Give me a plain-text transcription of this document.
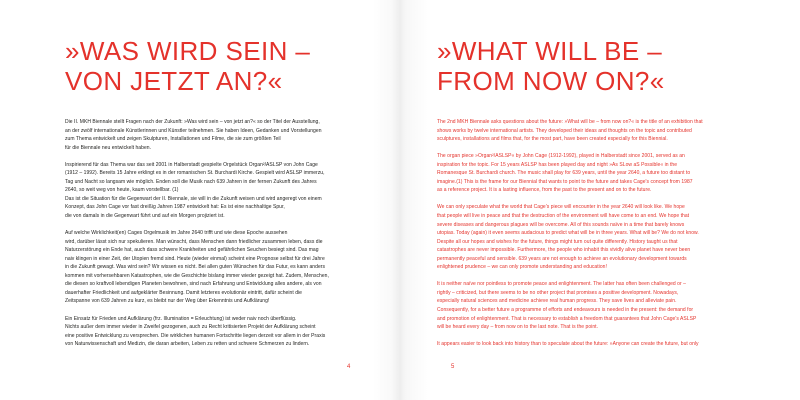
»WAS WIRD SEIN –
VON JETZT AN?«
Die II. MKH Biennale stellt Fragen nach der Zukunft: »Was wird sein – von jetzt an?« so der Titel der Ausstellung,
an der zwölf internationale Künstlerinnen und Künstler teilnehmen. Sie haben Ideen, Gedanken und Vorstellungen
zum Thema entwickelt und zeigen Skulpturen, Installationen und Filme, die sie zum größten Teil
für die Biennale neu entwickelt haben.
Inspirierend für das Thema war das seit 2001 in Halberstadt gespielte Orgelstück Organ²/ASLSP von John Cage
(1912 – 1992). Bereits 15 Jahre erklingt es in der romanischen St. Burchardi Kirche. Gespielt wird ASLSP immerzu,
Tag und Nacht so langsam wie möglich. Enden soll die Musik nach 639 Jahren in der fernen Zukunft des Jahres
2640, so weit weg von heute, kaum vorstellbar. (1)
Das ist die Situation für die Gegenwart der II. Biennale, sie will in die Zukunft weisen und wird angeregt von einem
Konzept, das John Cage vor fast dreißig Jahren 1987 entwickelt hat: Es ist eine nachhaltige Spur,
die von damals in die Gegenwart führt und auf ein Morgen projiziert ist.
Auf welche Wirklichkeit(en) Cages Orgelmusik im Jahre 2640 trifft und wie diese Epoche aussehen
wird, darüber lässt sich nur spekulieren. Man wünscht, dass Menschen dann friedlicher zusammen leben, dass die
Naturzerstörung ein Ende hat, auch dass schwere Krankheiten und gefährlichen Seuchen besiegt sind. Das mag
naiv klingen in einer Zeit, der Utopien fremd sind. Heute (wieder einmal) scheint eine Prognose selbst für drei Jahre
in die Zukunft gewagt. Was wird sein? Wir wissen es nicht. Bei allen guten Wünschen für das Futur, es kann anders
kommen mit vorhersehbaren Katastrophen, wie die Geschichte bislang immer wieder gezeigt hat. Zudem, Menschen,
die diesen so kraftvoll lebendigen Planeten bewohnen, sind nach Erfahrung und Entwicklung alles andere, als von
dauerhafter Friedlichkeit und aufgeklärter Besinnung. Damit letzteres evolutionär eintritt, dafür scheint die
Zeitspanne von 639 Jahren zu kurz, es bleibt nur der Weg über Erkenntnis und Aufklärung!
Ein Einsatz für Frieden und Aufklärung (frz. Illumination = Erleuchtung) ist weder naiv noch überflüssig.
Nichts außer dem immer wieder in Zweifel gezogenen, auch zu Recht kritisierten Projekt der Aufklärung scheint
eine positive Entwicklung zu versprechen. Die wirklichen humanen Fortschritte liegen derzeit vor allem in der Praxis
von Naturwissenschaft und Medizin, die daran arbeiten, Leben zu retten und schwere Schmerzen zu lindern.
4
»WHAT WILL BE –
FROM NOW ON?«
The 2nd MKH Biennale asks questions about the future: »What will be – from now on?« is the title of an exhibition that
shows works by twelve international artists. They developed their ideas and thoughts on the topic and contributed
sculptures, installations and films that, for the most part, have been created especially for this Biennial.
The organ piece »Organ²/ASLSP« by John Cage (1912-1992), played in Halberstadt since 2001, served as an
inspiration for the topic. For 15 years ASLSP has been played day and night »As SLow aS Possible« in the
Romanesque St. Burchardi church. The music shall play for 639 years, until the year 2640, a future too distant to
imagine.(1) This is the frame for our Biennial that wants to point to the future and takes Cage's concept from 1987
as a reference project. It is a lasting influence, from the past to the present and on to the future.
We can only speculate what the world that Cage's piece will encounter in the year 2640 will look like. We hope
that people will live in peace and that the destruction of the environment will have come to an end. We hope that
severe diseases and dangerous plagues will be overcome. All of this sounds naïve in a time that barely knows
utopias. Today (again) it even seems audacious to predict what will be in three years. What will be? We do not know.
Despite all our hopes and wishes for the future, things might turn out quite differently. History taught us that
catastrophes are never impossible. Furthermore, the people who inhabit this vividly alive planet have never been
permanently peaceful and sensible. 639 years are not enough to achieve an evolutionary development towards
enlightened prudence – we can only promote understanding and education!
It is neither naïve nor pointless to promote peace and enlightenment. The latter has often been challenged or –
rightly – criticized, but there seems to be no other project that promises a positive development. Nowadays,
especially natural sciences and medicine achieve real human progress. They save lives and alleviate pain.
Consequently, for a better future a programme of efforts and endeavours is needed in the present: the demand for
and promotion of enlightenment. That is necessary to establish a freedom that guarantees that John Cage's ASLSP
will be heard every day – from now on to the last note. That is the point.
It appears easier to look back into history than to speculate about the future: »Anyone can create the future, but only
5
